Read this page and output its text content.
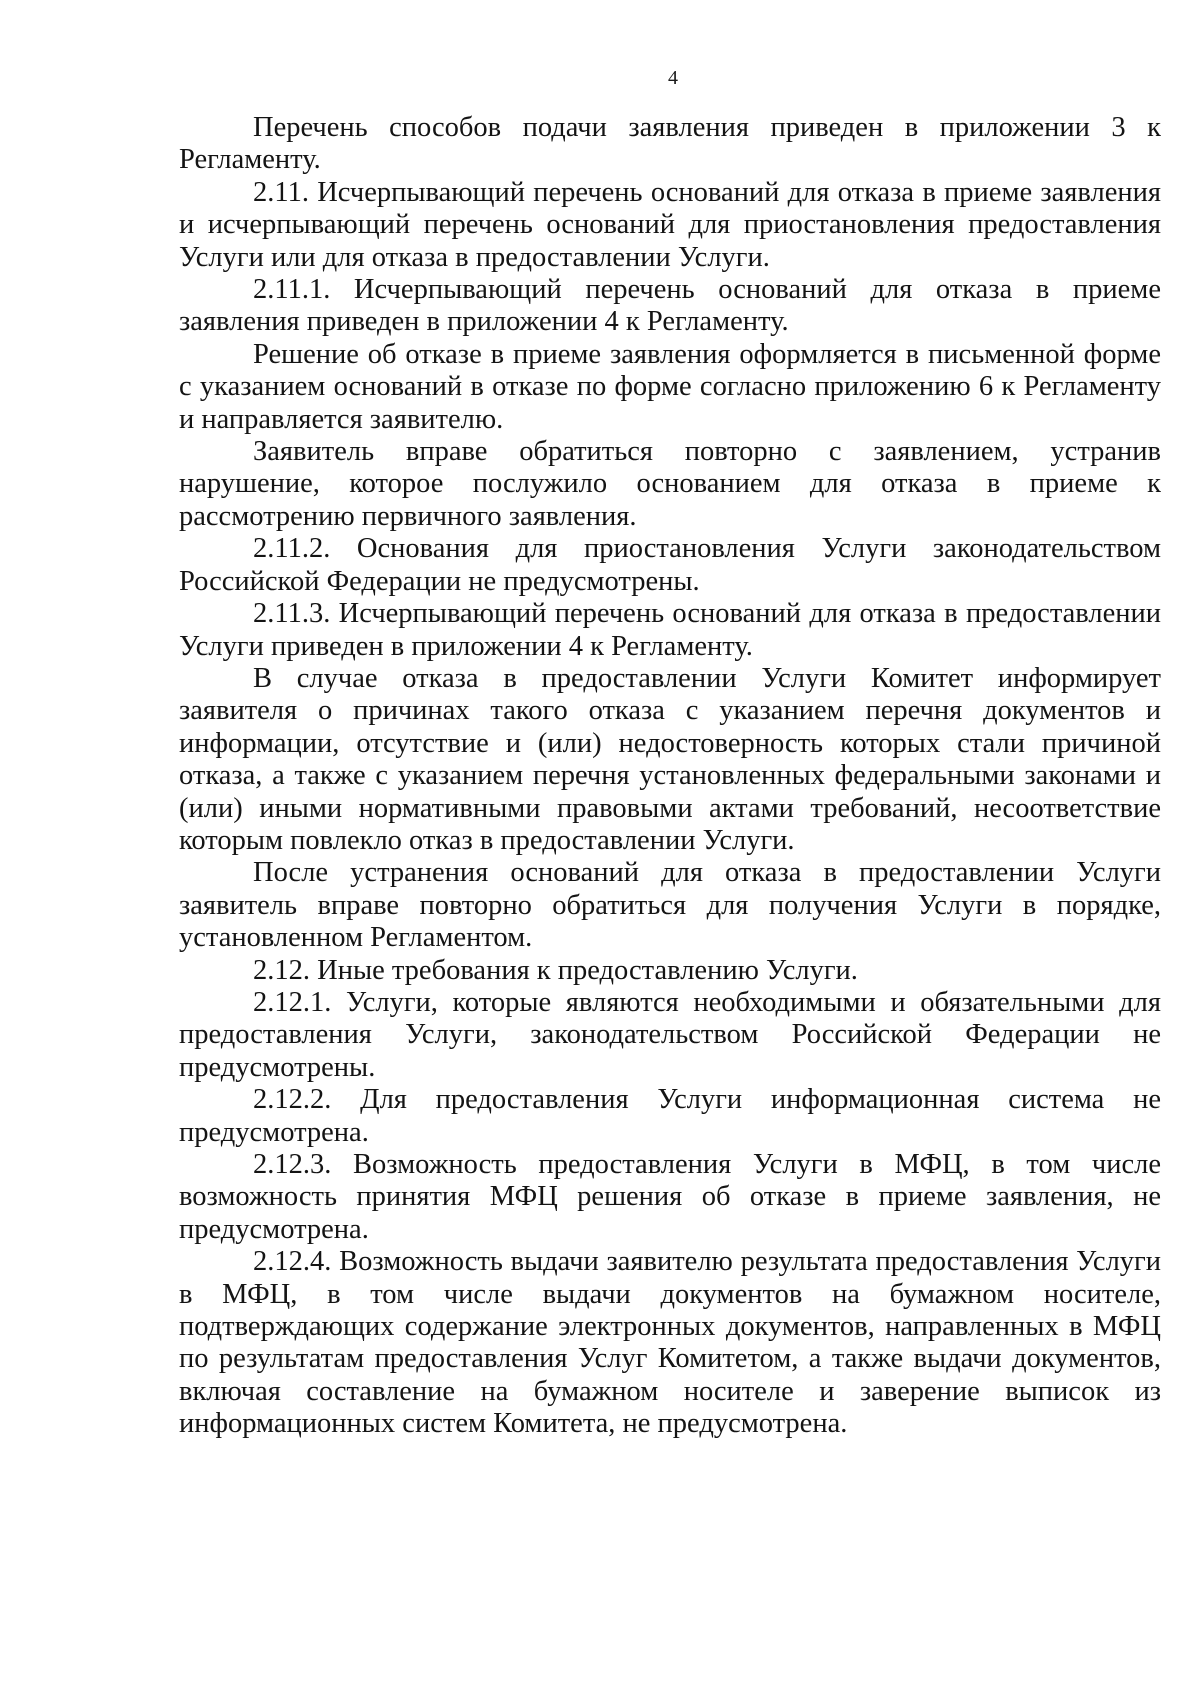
4

Перечень способов подачи заявления приведен в приложении 3 к Регламенту.

2.11. Исчерпывающий перечень оснований для отказа в приеме заявления и исчерпывающий перечень оснований для приостановления предоставления Услуги или для отказа в предоставлении Услуги.

2.11.1. Исчерпывающий перечень оснований для отказа в приеме заявления приведен в приложении 4 к Регламенту.

Решение об отказе в приеме заявления оформляется в письменной форме с указанием оснований в отказе по форме согласно приложению 6 к Регламенту и направляется заявителю.

Заявитель вправе обратиться повторно с заявлением, устранив нарушение, которое послужило основанием для отказа в приеме к рассмотрению первичного заявления.

2.11.2. Основания для приостановления Услуги законодательством Российской Федерации не предусмотрены.

2.11.3. Исчерпывающий перечень оснований для отказа в предоставлении Услуги приведен в приложении 4 к Регламенту.

В случае отказа в предоставлении Услуги Комитет информирует заявителя о причинах такого отказа с указанием перечня документов и информации, отсутствие и (или) недостоверность которых стали причиной отказа, а также с указанием перечня установленных федеральными законами и (или) иными нормативными правовыми актами требований, несоответствие которым повлекло отказ в предоставлении Услуги.

После устранения оснований для отказа в предоставлении Услуги заявитель вправе повторно обратиться для получения Услуги в порядке, установленном Регламентом.

2.12. Иные требования к предоставлению Услуги.

2.12.1. Услуги, которые являются необходимыми и обязательными для предоставления Услуги, законодательством Российской Федерации не предусмотрены.

2.12.2. Для предоставления Услуги информационная система не предусмотрена.

2.12.3. Возможность предоставления Услуги в МФЦ, в том числе возможность принятия МФЦ решения об отказе в приеме заявления, не предусмотрена.

2.12.4. Возможность выдачи заявителю результата предоставления Услуги в МФЦ, в том числе выдачи документов на бумажном носителе, подтверждающих содержание электронных документов, направленных в МФЦ по результатам предоставления Услуг Комитетом, а также выдачи документов, включая составление на бумажном носителе и заверение выписок из информационных систем Комитета, не предусмотрена.
